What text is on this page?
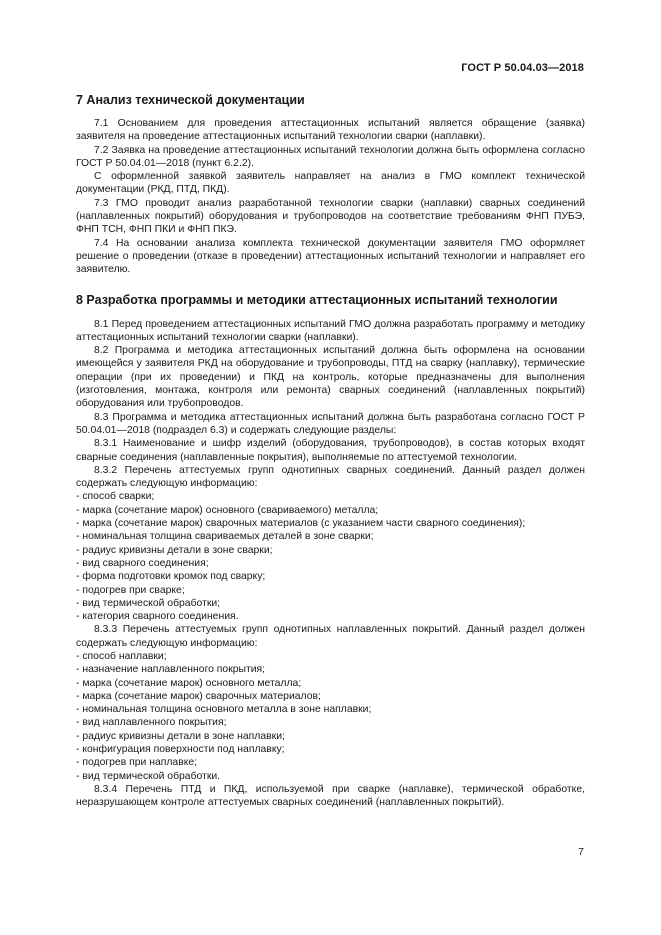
ГОСТ Р 50.04.03—2018
7 Анализ технической документации

7.1 Основанием для проведения аттестационных испытаний является обращение (заявка) заявителя на проведение аттестационных испытаний технологии сварки (наплавки).

7.2 Заявка на проведение аттестационных испытаний технологии должна быть оформлена согласно ГОСТ Р 50.04.01—2018 (пункт 6.2.2).

С оформленной заявкой заявитель направляет на анализ в ГМО комплект технической документации (РКД, ПТД, ПКД).

7.3 ГМО проводит анализ разработанной технологии сварки (наплавки) сварных соединений (наплавленных покрытий) оборудования и трубопроводов на соответствие требованиям ФНП ПУБЭ, ФНП ТСН, ФНП ПКИ и ФНП ПКЭ.

7.4 На основании анализа комплекта технической документации заявителя ГМО оформляет решение о проведении (отказе в проведении) аттестационных испытаний технологии и направляет его заявителю.

8 Разработка программы и методики аттестационных испытаний технологии

8.1 Перед проведением аттестационных испытаний ГМО должна разработать программу и методику аттестационных испытаний технологии сварки (наплавки).

8.2 Программа и методика аттестационных испытаний должна быть оформлена на основании имеющейся у заявителя РКД на оборудование и трубопроводы, ПТД на сварку (наплавку), термические операции (при их проведении) и ПКД на контроль, которые предназначены для выполнения (изготовления, монтажа, контроля или ремонта) сварных соединений (наплавленных покрытий) оборудования или трубопроводов.

8.3 Программа и методика аттестационных испытаний должна быть разработана согласно ГОСТ Р 50.04.01—2018 (подраздел 6.3) и содержать следующие разделы:

8.3.1 Наименование и шифр изделий (оборудования, трубопроводов), в состав которых входят сварные соединения (наплавленные покрытия), выполняемые по аттестуемой технологии.

8.3.2 Перечень аттестуемых групп однотипных сварных соединений. Данный раздел должен содержать следующую информацию:

- способ сварки;

- марка (сочетание марок) основного (свариваемого) металла;

- марка (сочетание марок) сварочных материалов (с указанием части сварного соединения);

- номинальная толщина свариваемых деталей в зоне сварки;

- радиус кривизны детали в зоне сварки;

- вид сварного соединения;

- форма подготовки кромок под сварку;

- подогрев при сварке;

- вид термической обработки;

- категория сварного соединения.

8.3.3 Перечень аттестуемых групп однотипных наплавленных покрытий. Данный раздел должен содержать следующую информацию:

- способ наплавки;

- назначение наплавленного покрытия;

- марка (сочетание марок) основного металла;

- марка (сочетание марок) сварочных материалов;

- номинальная толщина основного металла в зоне наплавки;

- вид наплавленного покрытия;

- радиус кривизны детали в зоне наплавки;

- конфигурация поверхности под наплавку;

- подогрев при наплавке;

- вид термической обработки.

8.3.4 Перечень ПТД и ПКД, используемой при сварке (наплавке), термической обработке, неразрушающем контроле аттестуемых сварных соединений (наплавленных покрытий).

7
